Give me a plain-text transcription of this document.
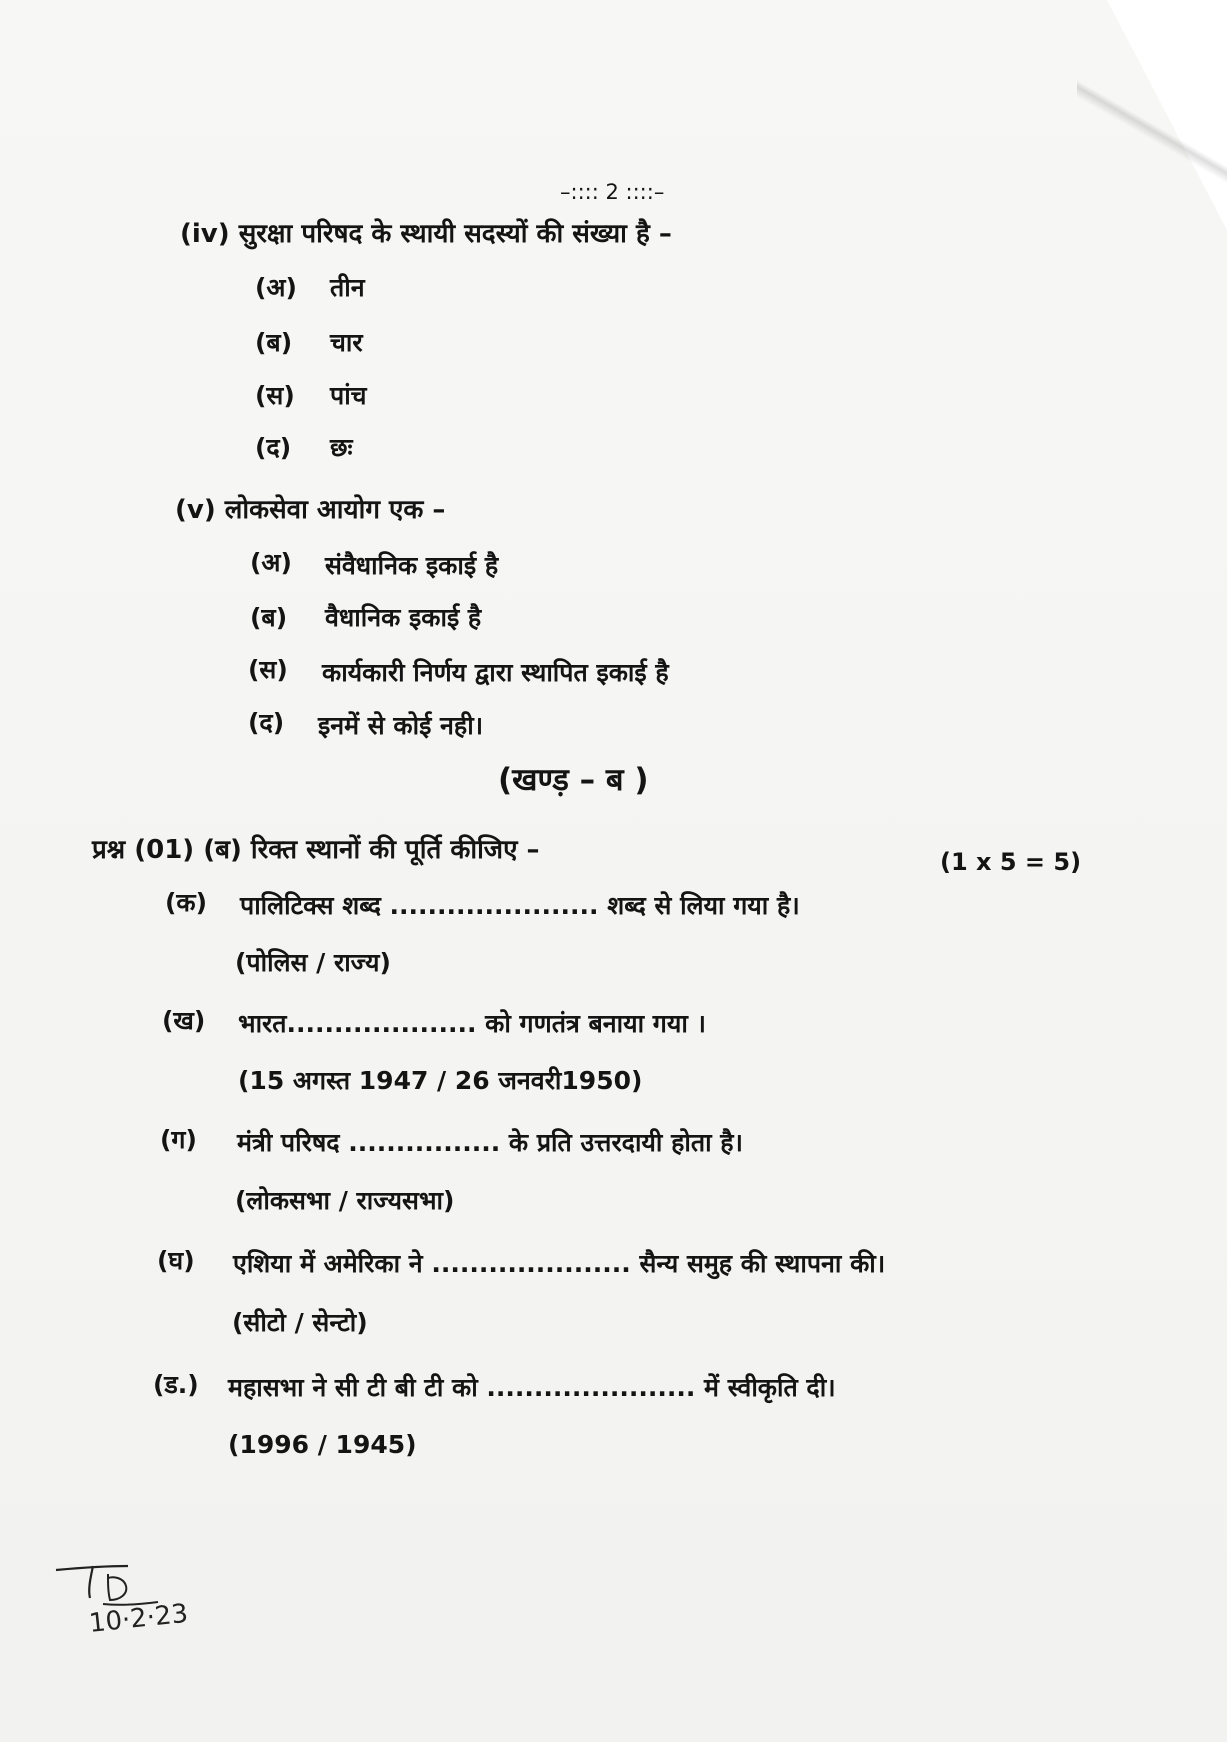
–:::: 2 ::::–
(iv) सुरक्षा परिषद के स्थायी सदस्यों की संख्या है –
(अ) तीन
(ब) चार
(स) पांच
(द) छः
(v) लोकसेवा आयोग एक –
(अ) संवैधानिक इकाई है
(ब) वैधानिक इकाई है
(स) कार्यकारी निर्णय द्वारा स्थापित इकाई है
(द) इनमें से कोई नही।
(खण्ड़ – ब )
प्रश्न (01) (ब) रिक्त स्थानों की पूर्ति कीजिए –	(1 x 5 = 5)
(क) पालिटिक्स शब्द ...................... शब्द से लिया गया है।
(पोलिस / राज्य)
(ख) भारत.................... को गणतंत्र बनाया गया ।
(15 अगस्त 1947 / 26 जनवरी1950)
(ग) मंत्री परिषद ................ के प्रति उत्तरदायी होता है।
(लोकसभा / राज्यसभा)
(घ) एशिया में अमेरिका ने ..................... सैन्य समुह की स्थापना की।
(सीटो / सेन्टो)
(ड.) महासभा ने सी टी बी टी को ...................... में स्वीकृति दी।
(1996 / 1945)
10·2·23
